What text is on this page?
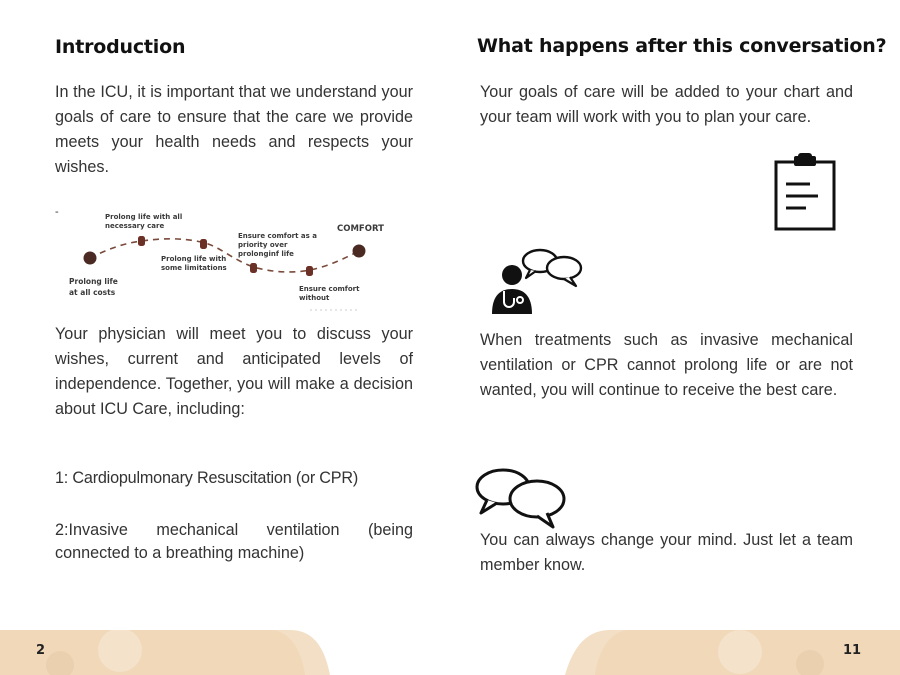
Introduction

In the ICU, it is important that we understand your goals of care to ensure that the care we provide meets your health needs and respects your wishes.

-	Prolong life with all
necessary care
Ensure comfort as a
priority over
prolonginf life
COMFORT
Prolong life with
some limitations
Prolong life
at all costs	Ensure comfort
without

Your physician will meet you to discuss your wishes, current and anticipated levels of independence. Together, you will make a decision about ICU Care, including:

1: Cardiopulmonary Resuscitation (or CPR)

2:Invasive mechanical ventilation (being connected to a breathing machine)

What happens after this conversation?

Your goals of care will be added to your chart and your team will work with you to plan your care.

When treatments such as invasive mechanical ventilation or CPR cannot prolong life or are not wanted, you will continue to receive the best care.

You can always change your mind. Just let a team member know.

2	11
